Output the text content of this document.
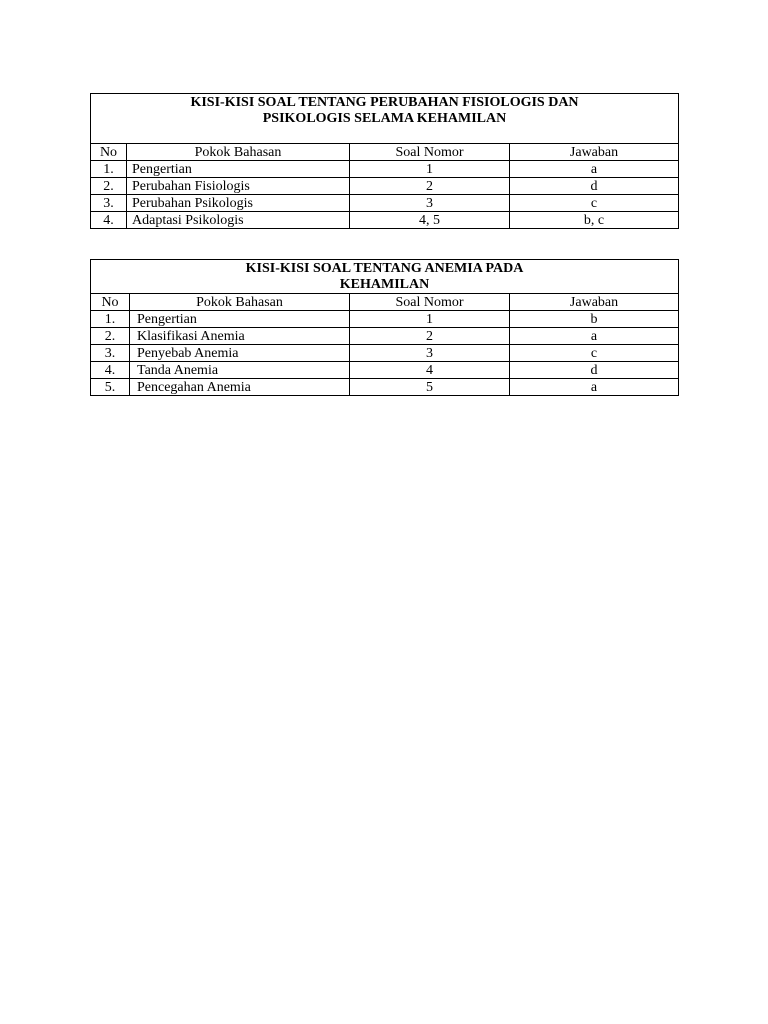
KISI-KISI SOAL TENTANG PERUBAHAN FISIOLOGIS DAN
PSIKOLOGIS SELAMA KEHAMILAN			

No	Pokok Bahasan	Soal Nomor	Jawaban
1.	Pengertian	1	a
2.	Perubahan Fisiologis	2	d
3.	Perubahan Psikologis	3	c
4.	Adaptasi Psikologis	4, 5	b, c
KISI-KISI SOAL TENTANG ANEMIA PADA
KEHAMILAN			

No	Pokok Bahasan	Soal Nomor	Jawaban
1.	Pengertian	1	b
2.	Klasifikasi Anemia	2	a
3.	Penyebab Anemia	3	c
4.	Tanda Anemia	4	d
5.	Pencegahan Anemia	5	a
